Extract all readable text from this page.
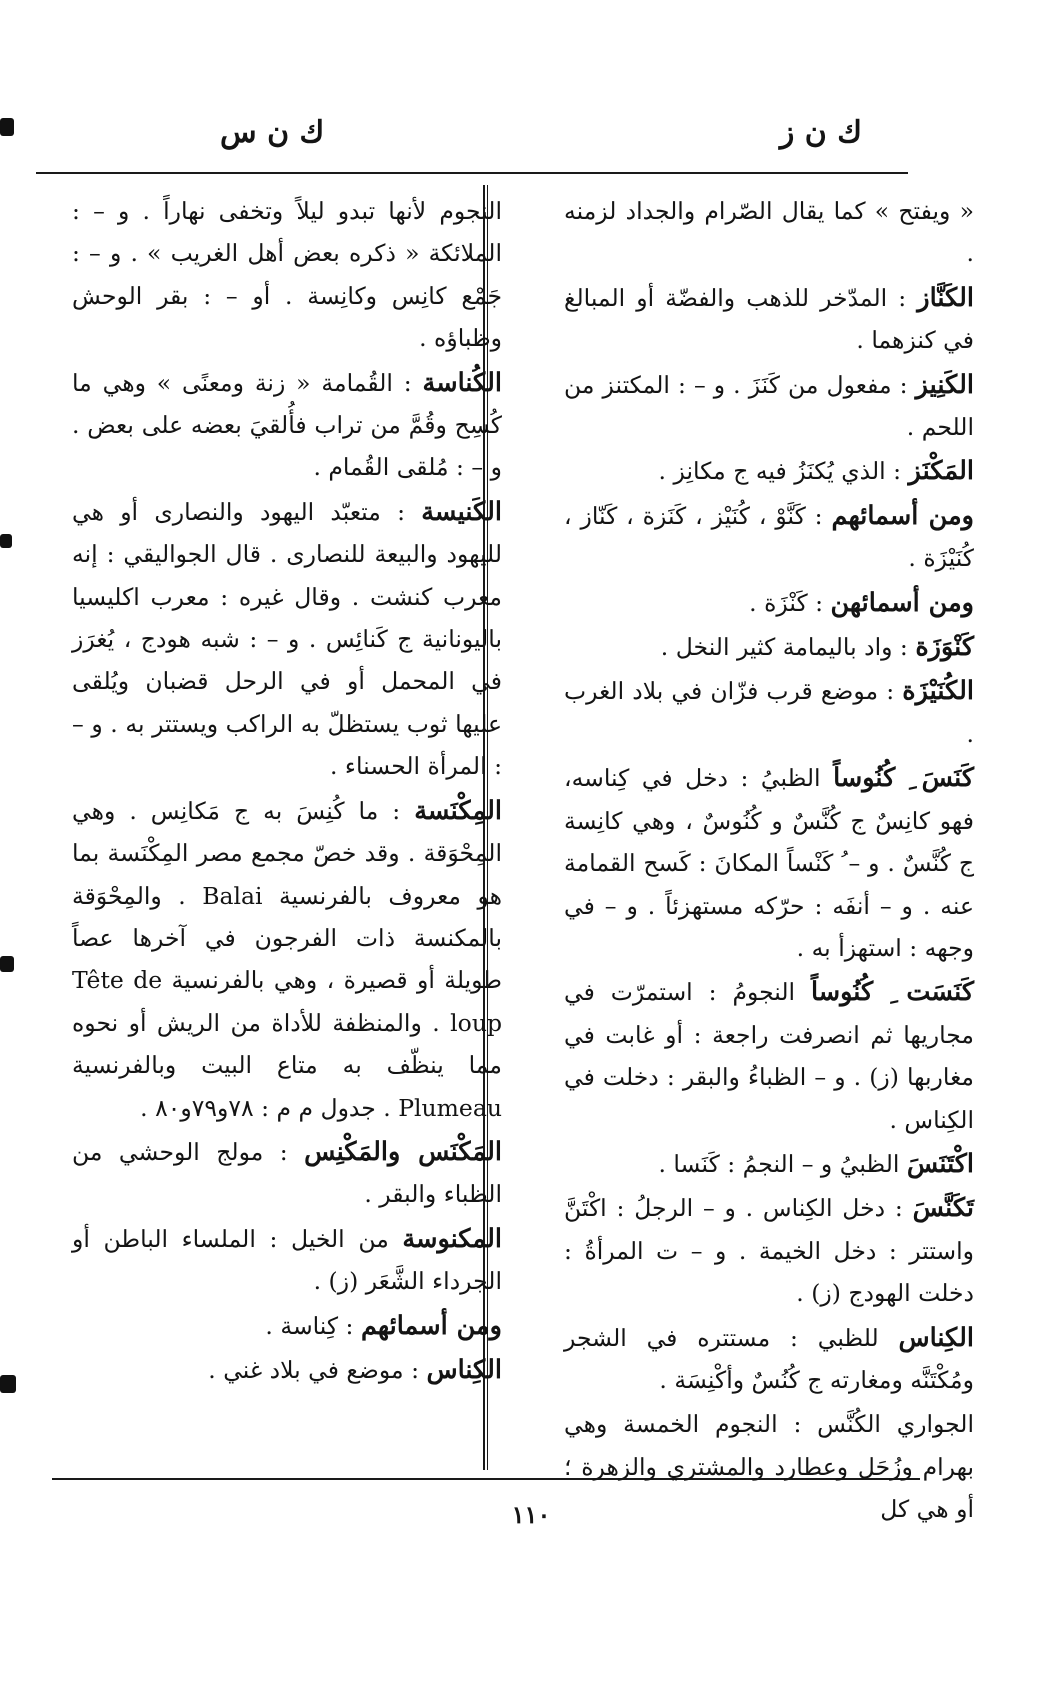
ك ن ز
ك ن س

« ويفتح » كما يقال الصّرام والجداد لزمنه .

الكَنَّاز : المدّخر للذهب والفضّة أو المبالغ في كنزهما .

الكَنِيز : مفعول من كَنَزَ . و – : المكتنز من اللحم .

المَكْنَز : الذي يُكنَزُ فيه ج مكانِز .

ومن أسمائهم : كَنَّوْ ، كُنَيْز ، كَنَزة ، كَنّاز ، كُنَيْزَة .

ومن أسمائهن : كَنْزَة .

كَنْوَزَة : واد باليمامة كثير النخل .

الكُنَيْزَة : موضع قرب فزّان في بلاد الغرب .

كَنَسَ ِ كُنُوساً الظبيُ : دخل في كِناسه، فهو كانِسٌ ج كُنَّسٌ و كُنُوسٌ ، وهي كانِسة ج كُنَّسٌ . و – ُ كَنْساً المكانَ : كَسح القمامة عنه . و – أنفَه : حرّكه مستهزئاً . و – في وجهه : استهزأ به .

كَنَسَت ِ كُنُوساً النجومُ : استمرّت في مجاريها ثم انصرفت راجعة : أو غابت في مغاربها (ز) . و – الظباءُ والبقر : دخلت في الكِناس .

اكْتَنَسَ الظبيُ و – النجمُ : كَنَسا .

تَكَنَّسَ : دخل الكِناس . و – الرجلُ : اكْتَنَّ واستتر : دخل الخيمة . و – ت المرأةُ : دخلت الهودج (ز) .

الكِناس للظبي : مستتره في الشجر ومُكْتَنَّه ومغارته ج كُنُسٌ وأكْنِسَة .

الجواري الكُنَّس : النجوم الخمسة وهي بهرام وزُحَل وعطارد والمشتري والزهرة ؛ أو هي كل

النجوم لأنها تبدو ليلاً وتخفى نهاراً . و – : الملائكة « ذكره بعض أهل الغريب » . و – : جَمْع كانِس وكانِسة . أو – : بقر الوحش وظباؤه .

الكُناسة : القُمامة « زنة ومعنًى » وهي ما كُسِح وقُمَّ من تراب فأُلقيَ بعضه على بعض . و – : مُلقى القُمام .

الكَنيسة : متعبّد اليهود والنصارى أو هي لليهود والبيعة للنصارى . قال الجواليقي : إنه معرب كنشت . وقال غيره : معرب اكليسيا باليونانية ج كَنائِس . و – : شبه هودج ، يُغرَز في المحمل أو في الرحل قضبان ويُلقى عليها ثوب يستظلّ به الراكب ويستتر به . و – : المرأة الحسناء .

المِكْنَسة : ما كُنِسَ به ج مَكانِس . وهي المِحْوَقة . وقد خصّ مجمع مصر المِكْنَسة بما هو معروف بالفرنسية Balai . والمِحْوَقة بالمكنسة ذات الفرجون في آخرها عصاً طويلة أو قصيرة ، وهي بالفرنسية Tête de loup . والمنظفة للأداة من الريش أو نحوه مما ينظّف به متاع البيت وبالفرنسية Plumeau . جدول م م : ٧٨و٧٩و٨٠ .

المَكْنَس والمَكْنِس : مولج الوحشي من الظباء والبقر .

المكنوسة من الخيل : الملساء الباطن أو الجرداء الشَّعَر (ز) .

ومن أسمائهم : كِناسة .

الكِناس : موضع في بلاد غني .

١١٠
